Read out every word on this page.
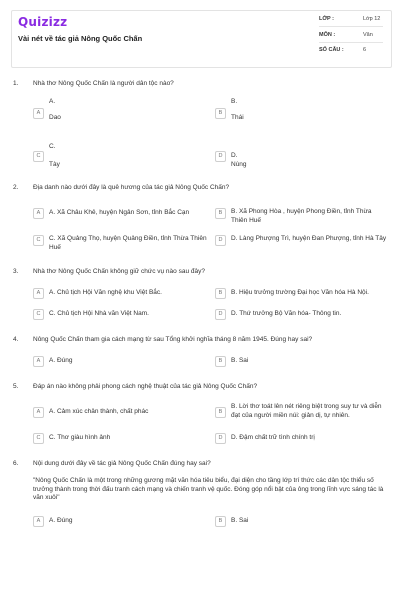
Quizizz
Vài nét về tác giả Nông Quốc Chấn
LỚP :	Lớp 12
MÔN :	Văn
SỐ CÂU :	6
1. Nhà thơ Nông Quốc Chấn là người dân tộc nào?
A.
A
Dao
B.
B
Thái
C.
C
Tày
D	D. Nùng
2. Địa danh nào dưới đây là quê hương của tác giả Nông Quốc Chấn?
A	A. Xã Châu Khê, huyện Ngân Sơn, tỉnh Bắc Cạn	B	B. Xã Phong Hòa , huyện Phong Điền, tỉnh Thừa Thiên Huế
C	C. Xã Quảng Thọ, huyện Quảng Điền, tỉnh Thừa Thiên Huế
D	D. Làng Phượng Trì, huyện Đan Phượng, tỉnh Hà Tây
3. Nhà thơ Nông Quốc Chấn không giữ chức vụ nào sau đây?
A	A. Chủ tịch Hội Văn nghệ khu Việt Bắc.	B	B. Hiệu trưởng trường Đại học Văn hóa Hà Nội.
C	C. Chủ tịch Hội Nhà văn Việt Nam.	D	D. Thứ trưởng Bộ Văn hóa- Thông tin.
4. Nông Quốc Chấn tham gia cách mạng từ sau Tổng khởi nghĩa tháng 8 năm 1945. Đúng hay sai?
A	A. Đúng	B	B. Sai
5. Đáp án nào không phải phong cách nghệ thuật của tác giả Nông Quốc Chấn?
A	A. Cảm xúc chân thành, chất phác	B
B. Lời thơ toát lên nét riêng biệt trong suy tư và diễn đạt của người miền núi: giản dị, tự nhiên.
C	C. Thơ giàu hình ảnh	D	D. Đậm chất trữ tình chính trị
6. Nội dung dưới đây về tác giả Nông Quốc Chấn đúng hay sai?
"Nông Quốc Chấn là một trong những gương mặt văn hóa tiêu biểu, đại diện cho tầng lớp trí thức các dân tộc thiểu số trưởng thành trong thời đấu tranh cách mạng và chiến tranh vệ quốc. Đóng góp nổi bật của ông trong lĩnh vực sáng tác là văn xuôi"
A	A. Đúng	B	B. Sai
